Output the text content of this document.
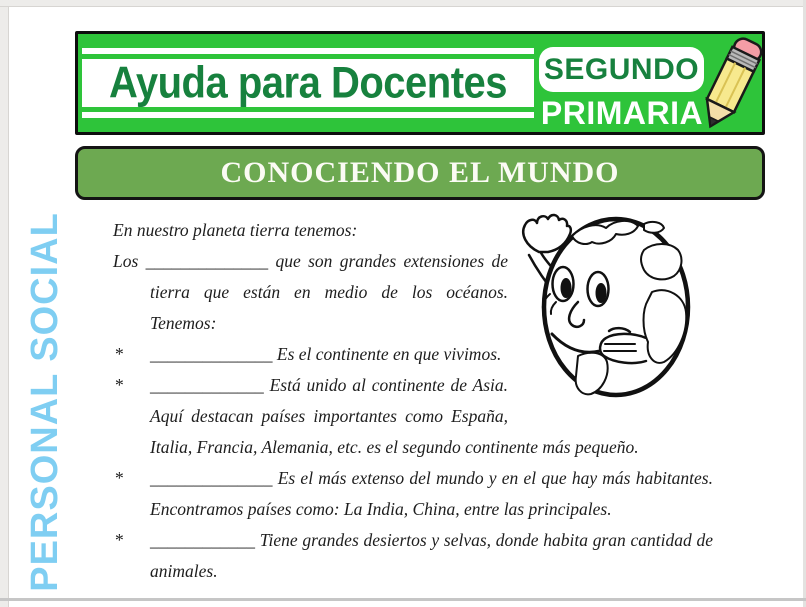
Ayuda para Docentes SEGUNDO
PRIMARIA
CONOCIENDO EL MUNDO
PERSONAL SOCIAL	En nuestro planeta tierra tenemos:

Los ______________ que son grandes extensiones de tierra que están en medio de los océanos.

Tenemos:

* ______________ Es el continente en que vivimos.
* _____________ Está unido al continente de Asia. Aquí destacan países importantes como España, Italia, Francia, Alemania, etc. es el segundo continente más pequeño.
* ______________ Es el más extenso del mundo y en el que hay más habitantes. Encontramos países como: La India, China, entre las principales.
* ____________ Tiene grandes desiertos y selvas, donde habita gran cantidad de animales.
